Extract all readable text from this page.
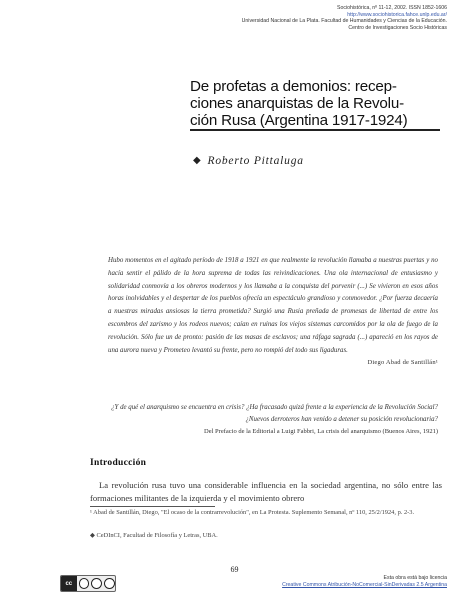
Sociohistórica, nº 11-12, 2002. ISSN 1852-1606
http://www.sociohistorica.fahce.unlp.edu.ar/
Universidad Nacional de La Plata. Facultad de Humanidades y Ciencias de la Educación.
Centro de Investigaciones Socio Históricas
De profetas a demonios: recep-
ciones anarquistas de la Revolu-
ción Rusa (Argentina 1917-1924)
◆ Roberto Pittaluga
Hubo momentos en el agitado período de 1918 a 1921 en que realmente la revolución llamaba a nuestras puertas y no hacía sentir el pálido de la hora suprema de todas las reivindicaciones. Una ola internacional de entusiasmo y solidaridad conmovía a los obreros modernos y los llamaba a la conquista del porvenir (...) Se vivieron en esos años horas inolvidables y el despertar de los pueblos ofrecía un espectáculo grandioso y conmovedor. ¿Por fuerza decaería a nuestras miradas ansiosas la tierra prometida? Surgió una Rusia preñada de promesas de libertad de entre los escombros del zarismo y los rodeos nuevos; caían en ruinas los viejos sistemas carcomidos por la ola de fuego de la revolución. Sólo fue un de pronto: pasión de las masas de esclavos; una ráfaga sagrada (...) apareció en los rayos de una aurora nueva y Prometeo levantó su frente, pero no rompió del todo sus ligaduras.
Diego Abad de Santillán¹
¿Y de qué el anarquismo se encuentra en crisis? ¿Ha fracasado quizá frente a la experiencia de la Revolución Social? ¿Nuevos derroteros han venido a detener su posición revolucionaria?
Del Prefacio de la Editorial a Luigi Fabbri, La crisis del anarquismo (Buenos Aires, 1921)
Introducción
La revolución rusa tuvo una considerable influencia en la sociedad argentina, no sólo entre las formaciones militantes de la izquierda y el movimiento obrero
¹ Abad de Santillán, Diego, "El ocaso de la contrarrevolución", en La Protesta. Suplemento Semanal, nº 110, 25/2/1924, p. 2-3.
◆ CeDInCI, Facultad de Filosofía y Letras, UBA.
69
cc
Esta obra está bajo licencia
Creative Commons Atribución-NoComercial-SinDerivadas 2.5 Argentina
